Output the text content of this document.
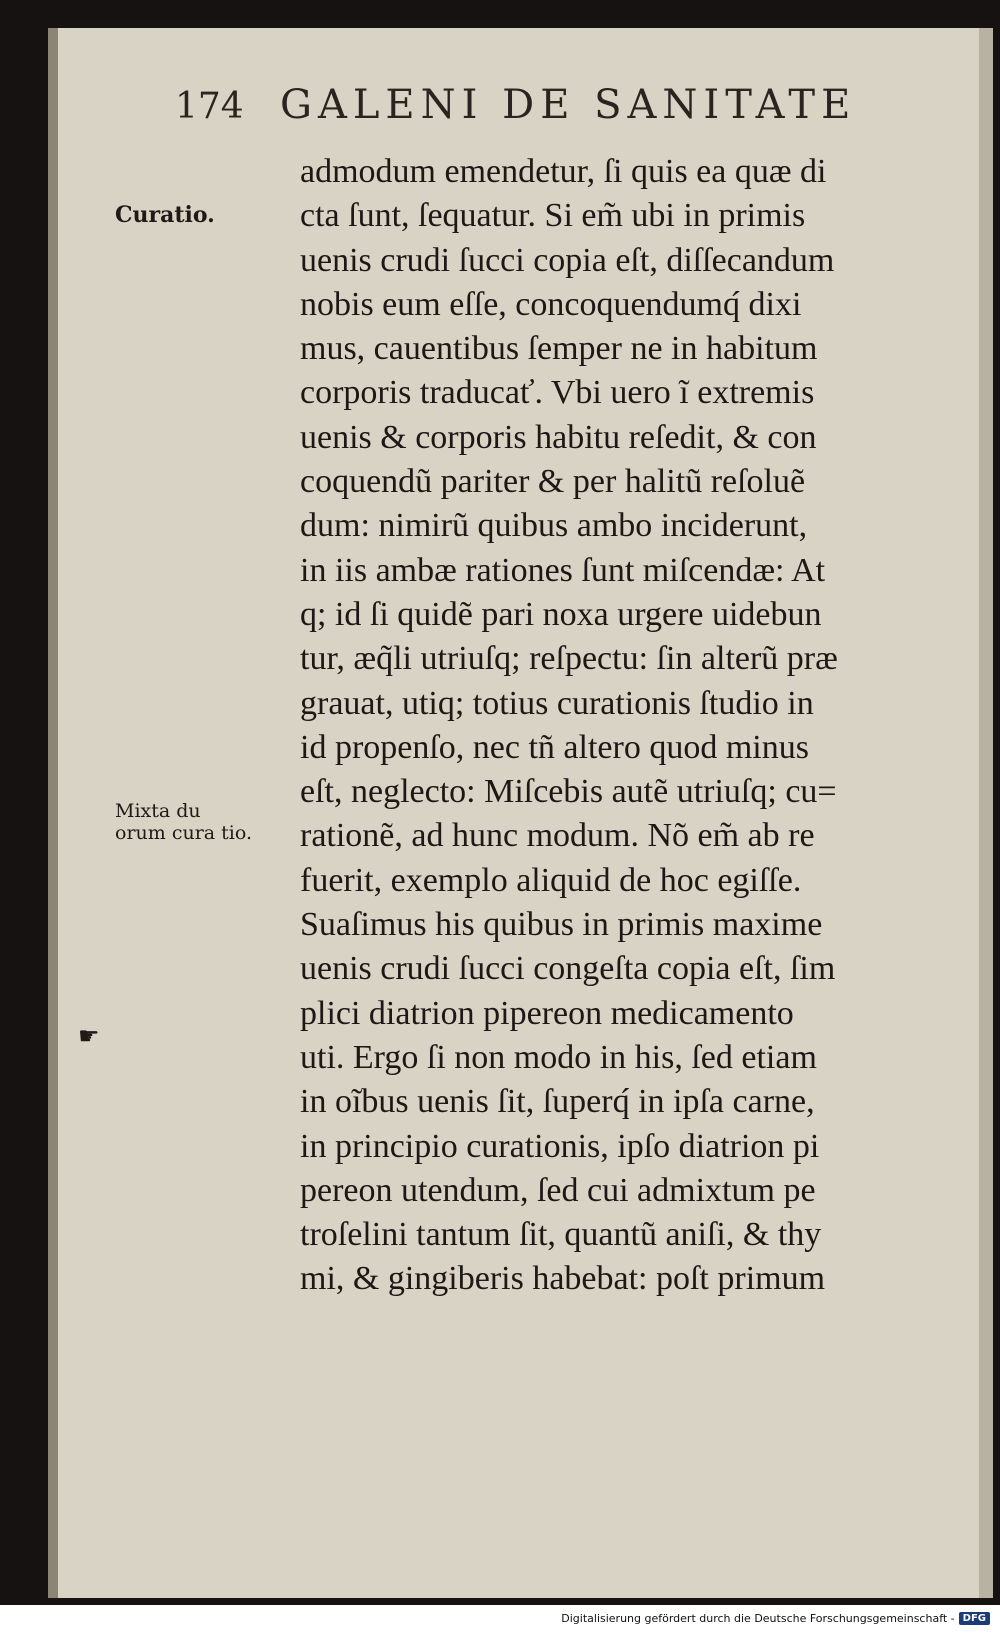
174 GALENI DE SANITATE
Curatio.
Mixta du orum cura tio.
☛
admodum emendetur, ſi quis ea quæ di
cta ſunt, ſequatur. Si em̃ ubi in primis
uenis crudi ſucci copia eſt, diſſecandum
nobis eum eſſe, concoquendumq́ dixi
mus, cauentibus ſemper ne in habitum
corporis traducať. Vbi uero ĩ extremis
uenis & corporis habitu reſedit, & con
coquendũ pariter & per halitũ reſoluẽ
dum: nimirũ quibus ambo inciderunt,
in iis ambæ rationes ſunt miſcendæ: At
q; id ſi quidẽ pari noxa urgere uidebun
tur, æq̃li utriuſq; reſpectu: ſin alterũ præ
grauat, utiq; totius curationis ſtudio in
id propenſo, nec tñ altero quod minus
eſt, neglecto: Miſcebis autẽ utriuſq; cu=
rationẽ, ad hunc modum. Nõ em̃ ab re
fuerit, exemplo aliquid de hoc egiſſe.
Suaſimus his quibus in primis maxime
uenis crudi ſucci congeſta copia eſt, ſim
plici diatrion pipereon medicamento
uti. Ergo ſi non modo in his, ſed etiam
in oĩbus uenis ſit, ſuperq́ in ipſa carne,
in principio curationis, ipſo diatrion pi
pereon utendum, ſed cui admixtum pe
troſelini tantum ſit, quantũ aniſi, & thy
mi, & gingiberis habebat: poſt primum
Digitalisierung gefördert durch die Deutsche Forschungsgemeinschaft - DFG
